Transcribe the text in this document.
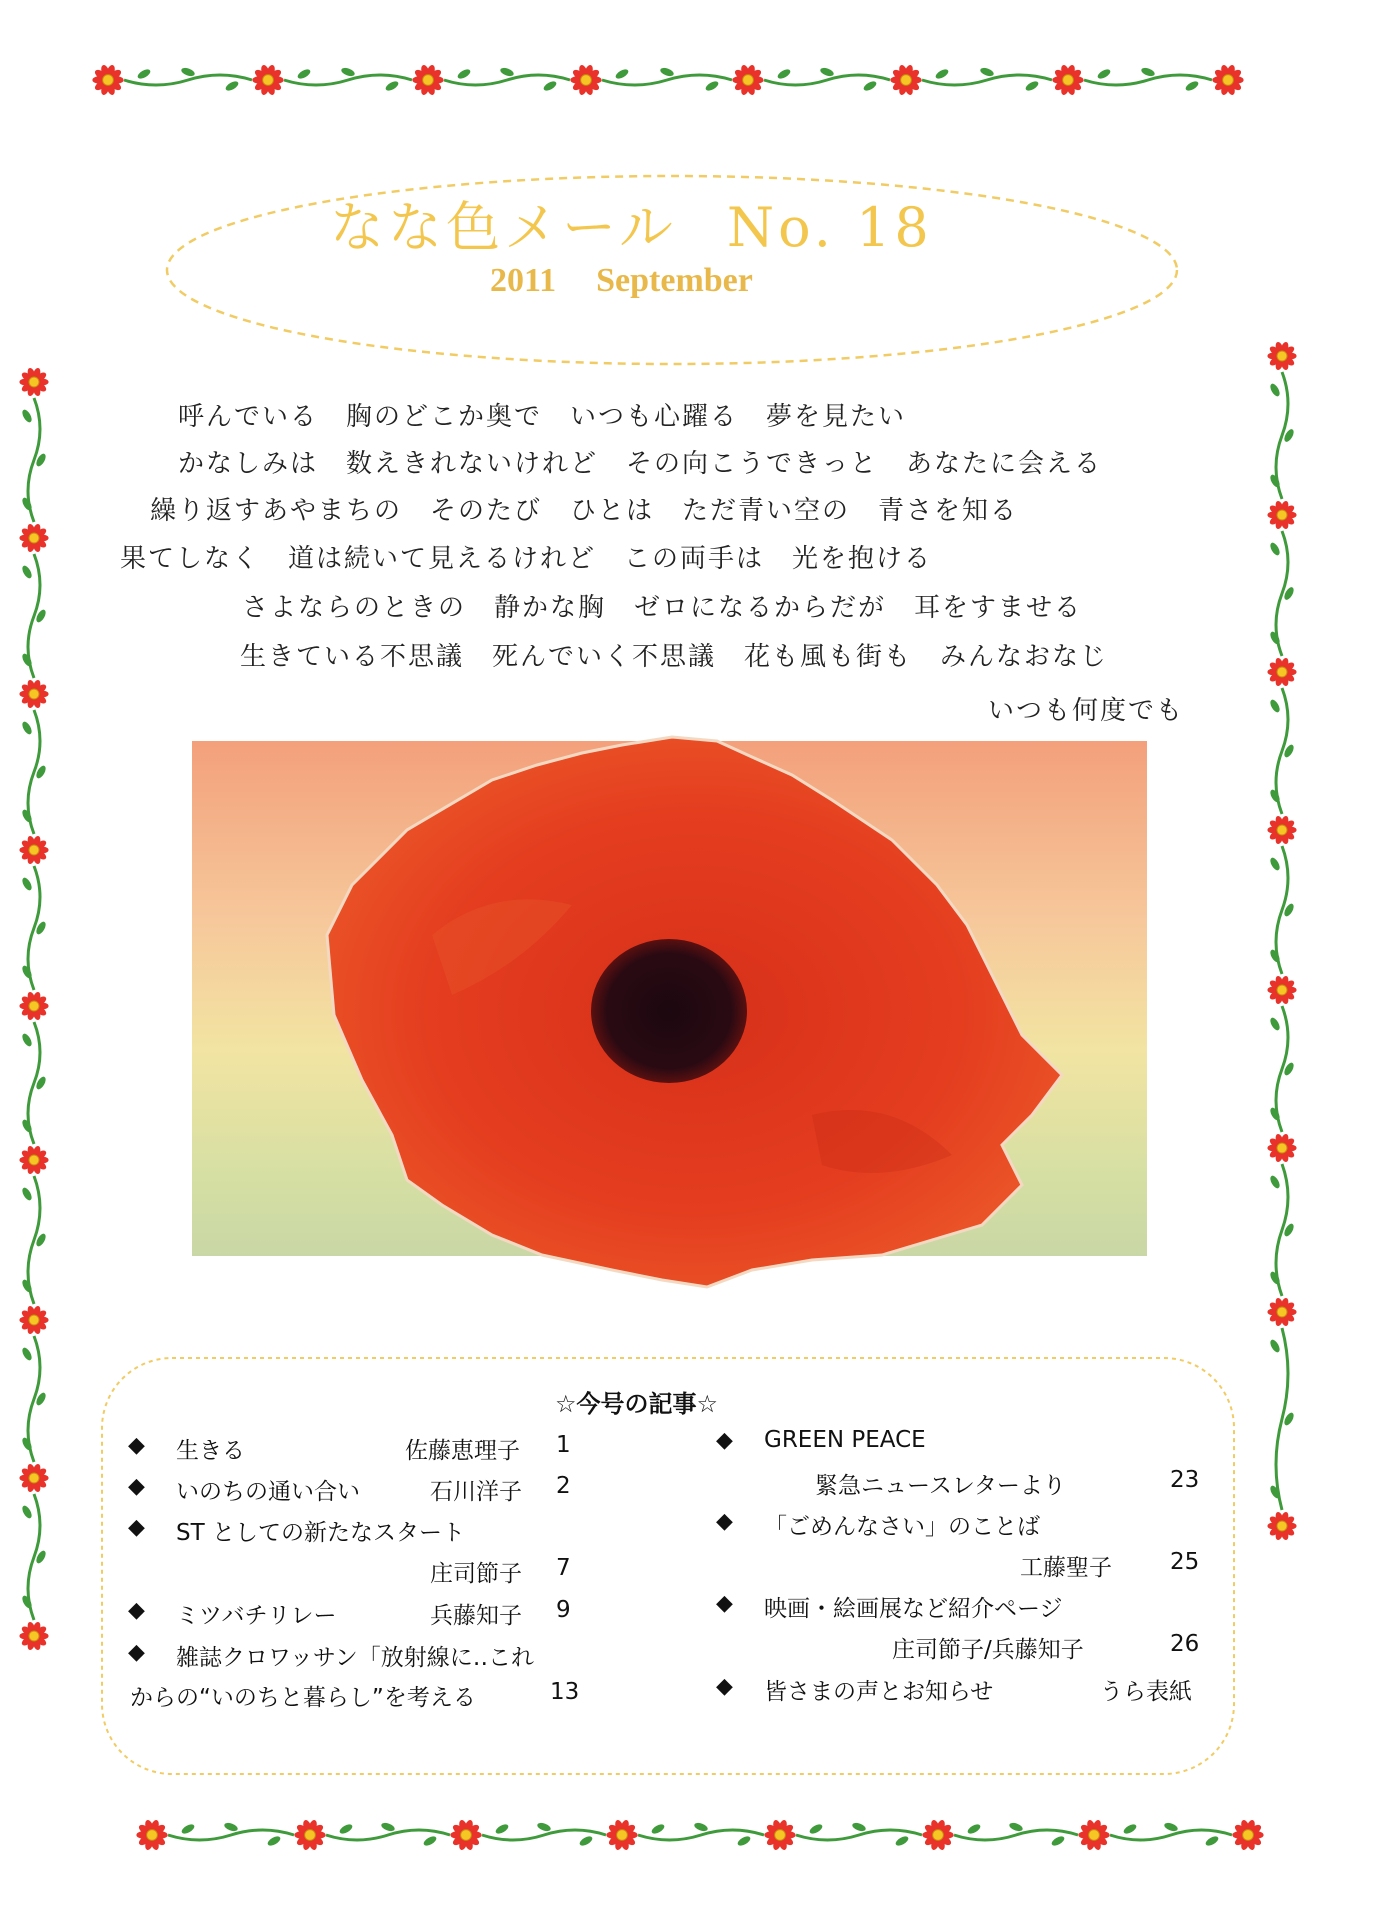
なな色メール No. 18
2011 September
呼んでいる　胸のどこか奥で　いつも心躍る　夢を見たい
かなしみは　数えきれないけれど　その向こうできっと　あなたに会える
繰り返すあやまちの　そのたび　ひとは　ただ青い空の　青さを知る
果てしなく　道は続いて見えるけれど　この両手は　光を抱ける
さよならのときの　静かな胸　ゼロになるからだが　耳をすませる
生きている不思議　死んでいく不思議　花も風も街も　みんなおなじ
いつも何度でも
☆今号の記事☆
◆ 生きる	佐藤恵理子 1
◆ いのちの通い合い	石川洋子 2
◆ ST としての新たなスタート
庄司節子 7
◆ ミツバチリレー	兵藤知子 9
◆ 雑誌クロワッサン「放射線に‥これ
からの“いのちと暮らし”を考える	13
◆ GREEN PEACE
緊急ニュースレターより	23
◆ 「ごめんなさい」のことば
工藤聖子	25
◆ 映画・絵画展など紹介ページ
庄司節子/兵藤知子	26
◆ 皆さまの声とお知らせ	うら表紙
